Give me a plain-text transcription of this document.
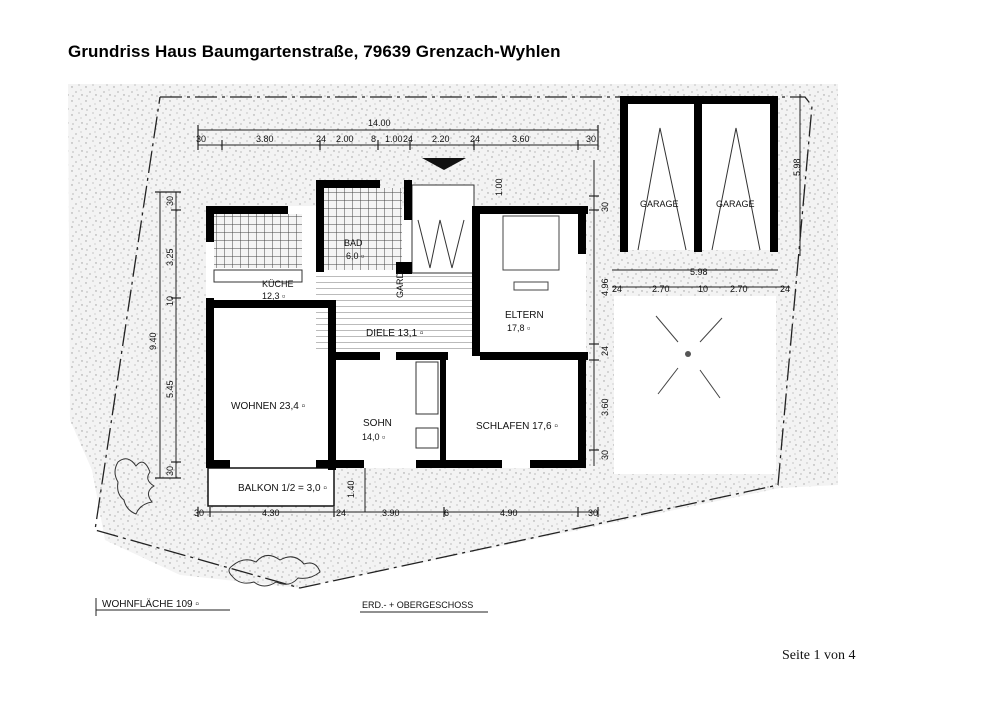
Grundriss Haus Baumgartenstraße, 79639 Grenzach-Wyhlen
14.00
30	3.80	24 2.00 8 1.00 24 2.20 24	3.60	30
9.40
30
3.25
10
5.45
30
1.00
30
4.96
24
3.60
30
30	4.30	24	3.90	6	4.90	30
1.40
5.98
5.98
24	2.70	10 2.70	24
KÜCHE
12,3 ▫
BAD
6,0 ▫
GARD.
DIELE 13,1 ▫
ELTERN
17,8 ▫
WOHNEN 23,4 ▫
SOHN
14,0 ▫
SCHLAFEN 17,6 ▫
BALKON 1/2 = 3,0 ▫
GARAGE	GARAGE
WOHNFLÄCHE 109 ▫	ERD.- + OBERGESCHOSS
Seite 1 von 4
